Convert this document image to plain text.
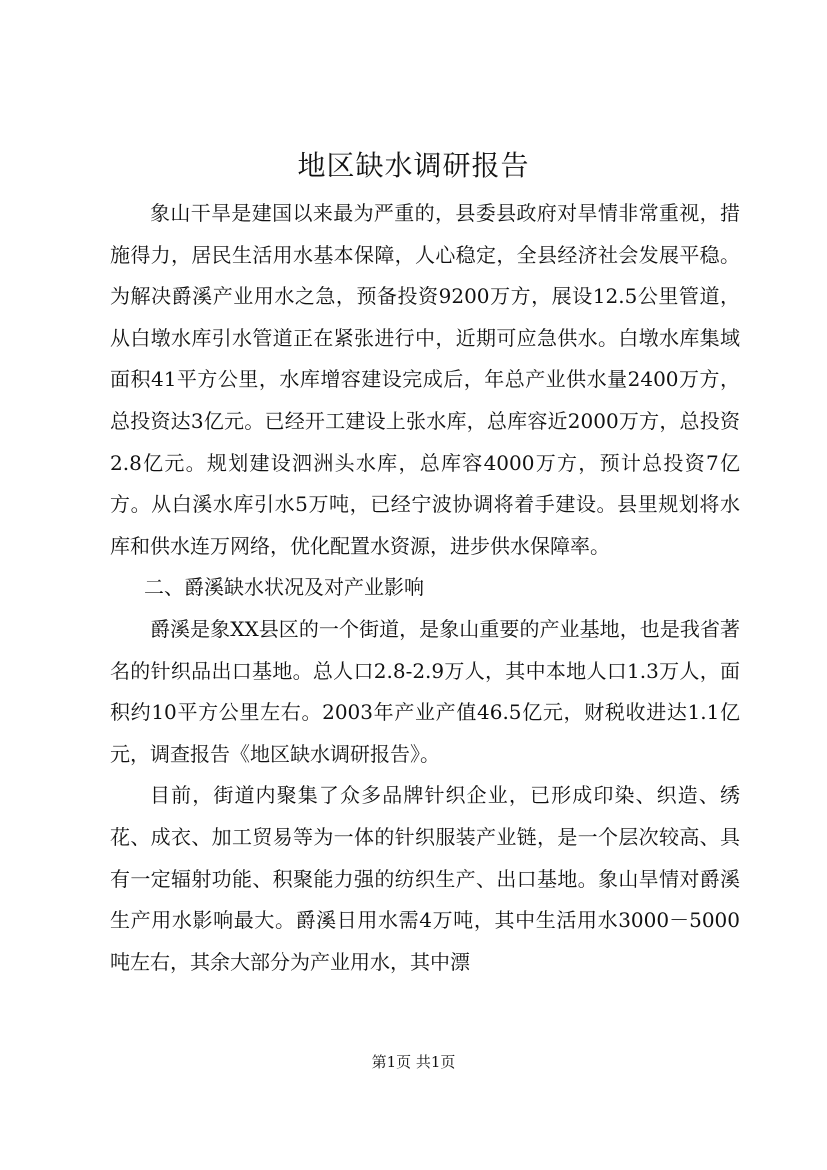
地区缺水调研报告

象山干旱是建国以来最为严重的，县委县政府对旱情非常重视，措施得力，居民生活用水基本保障，人心稳定，全县经济社会发展平稳。为解决爵溪产业用水之急，预备投资9200万方，展设12.5公里管道，从白墩水库引水管道正在紧张进行中，近期可应急供水。白墩水库集域面积41平方公里，水库增容建设完成后，年总产业供水量2400万方，总投资达3亿元。已经开工建设上张水库，总库容近2000万方，总投资2.8亿元。规划建设泗洲头水库，总库容4000万方，预计总投资7亿方。从白溪水库引水5万吨，已经宁波协调将着手建设。县里规划将水库和供水连万网络，优化配置水资源，进步供水保障率。

二、爵溪缺水状况及对产业影响

爵溪是象XX县区的一个街道，是象山重要的产业基地，也是我省著名的针织品出口基地。总人口2.8-2.9万人，其中本地人口1.3万人，面积约10平方公里左右。2003年产业产值46.5亿元，财税收进达1.1亿元，调查报告《地区缺水调研报告》。

目前，街道内聚集了众多品牌针织企业，已形成印染、织造、绣花、成衣、加工贸易等为一体的针织服装产业链，是一个层次较高、具有一定辐射功能、积聚能力强的纺织生产、出口基地。象山旱情对爵溪生产用水影响最大。爵溪日用水需4万吨，其中生活用水3000－5000吨左右，其余大部分为产业用水，其中漂

第1页 共1页
